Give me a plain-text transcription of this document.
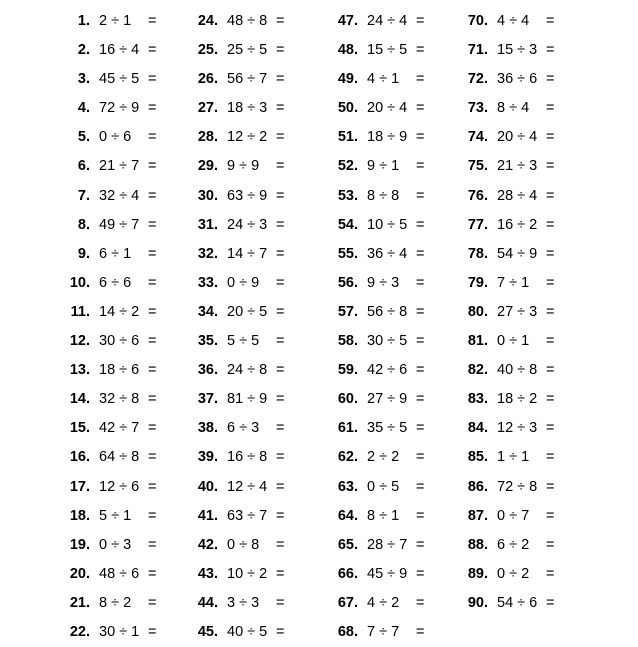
1. 2 ÷ 1 =
2. 16 ÷ 4 =
3. 45 ÷ 5 =
4. 72 ÷ 9 =
5. 0 ÷ 6 =
6. 21 ÷ 7 =
7. 32 ÷ 4 =
8. 49 ÷ 7 =
9. 6 ÷ 1 =
10. 6 ÷ 6 =
11. 14 ÷ 2 =
12. 30 ÷ 6 =
13. 18 ÷ 6 =
14. 32 ÷ 8 =
15. 42 ÷ 7 =
16. 64 ÷ 8 =
17. 12 ÷ 6 =
18. 5 ÷ 1 =
19. 0 ÷ 3 =
20. 48 ÷ 6 =
21. 8 ÷ 2 =
22. 30 ÷ 1 =
24. 48 ÷ 8 =
25. 25 ÷ 5 =
26. 56 ÷ 7 =
27. 18 ÷ 3 =
28. 12 ÷ 2 =
29. 9 ÷ 9 =
30. 63 ÷ 9 =
31. 24 ÷ 3 =
32. 14 ÷ 7 =
33. 0 ÷ 9 =
34. 20 ÷ 5 =
35. 5 ÷ 5 =
36. 24 ÷ 8 =
37. 81 ÷ 9 =
38. 6 ÷ 3 =
39. 16 ÷ 8 =
40. 12 ÷ 4 =
41. 63 ÷ 7 =
42. 0 ÷ 8 =
43. 10 ÷ 2 =
44. 3 ÷ 3 =
45. 40 ÷ 5 =
47. 24 ÷ 4 =
48. 15 ÷ 5 =
49. 4 ÷ 1 =
50. 20 ÷ 4 =
51. 18 ÷ 9 =
52. 9 ÷ 1 =
53. 8 ÷ 8 =
54. 10 ÷ 5 =
55. 36 ÷ 4 =
56. 9 ÷ 3 =
57. 56 ÷ 8 =
58. 30 ÷ 5 =
59. 42 ÷ 6 =
60. 27 ÷ 9 =
61. 35 ÷ 5 =
62. 2 ÷ 2 =
63. 0 ÷ 5 =
64. 8 ÷ 1 =
65. 28 ÷ 7 =
66. 45 ÷ 9 =
67. 4 ÷ 2 =
68. 7 ÷ 7 =
70. 4 ÷ 4 =
71. 15 ÷ 3 =
72. 36 ÷ 6 =
73. 8 ÷ 4 =
74. 20 ÷ 4 =
75. 21 ÷ 3 =
76. 28 ÷ 4 =
77. 16 ÷ 2 =
78. 54 ÷ 9 =
79. 7 ÷ 1 =
80. 27 ÷ 3 =
81. 0 ÷ 1 =
82. 40 ÷ 8 =
83. 18 ÷ 2 =
84. 12 ÷ 3 =
85. 1 ÷ 1 =
86. 72 ÷ 8 =
87. 0 ÷ 7 =
88. 6 ÷ 2 =
89. 0 ÷ 2 =
90. 54 ÷ 6 =
